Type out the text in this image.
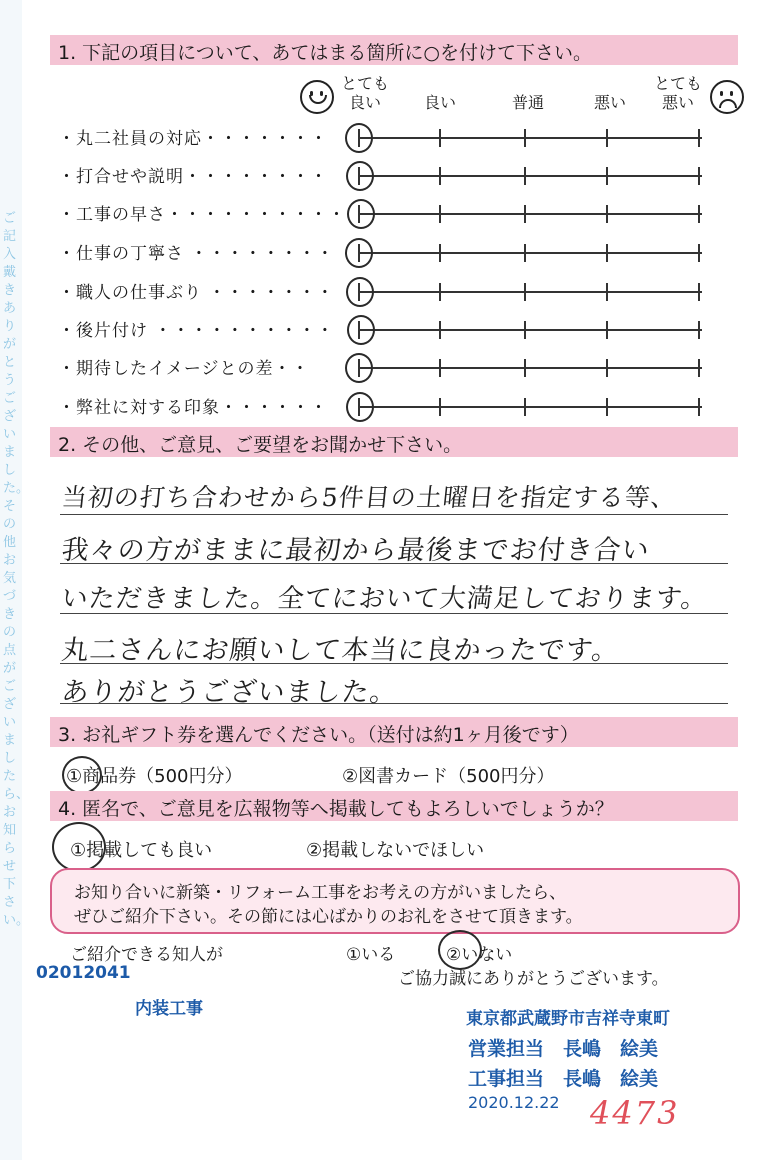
ご記入戴きありがとうございました。その他お気づきの点がございましたら、お知らせ下さい。
1. 下記の項目について、あてはまる箇所に○を付けて下さい。
とても
良い	良い	普通	悪い
とても
悪い
・丸二社員の対応・・・・・・・
・打合せや説明・・・・・・・・
・工事の早さ・・・・・・・・・・
・仕事の丁寧さ ・・・・・・・・
・職人の仕事ぶり ・・・・・・・
・後片付け ・・・・・・・・・・
・期待したイメージとの差・・
・弊社に対する印象・・・・・・
2. その他、ご意見、ご要望をお聞かせ下さい。
当初の打ち合わせから5件目の土曜日を指定する等、
我々の方がままに最初から最後までお付き合い
いただきました。全てにおいて大満足しております。
丸二さんにお願いして本当に良かったです。
ありがとうございました。
3. お礼ギフト券を選んでください。（送付は約1ヶ月後です）
①商品券（500円分）	②図書カード（500円分）
4. 匿名で、ご意見を広報物等へ掲載してもよろしいでしょうか？
①掲載しても良い	②掲載しないでほしい
お知り合いに新築・リフォーム工事をお考えの方がいましたら、
ぜひご紹介下さい。その節には心ばかりのお礼をさせて頂きます。
ご紹介できる知人が	①いる	②いない
ご協力誠にありがとうございます。
02012041
内装工事	東京都武蔵野市吉祥寺東町
営業担当　長嶋　絵美
工事担当　長嶋　絵美
2020.12.22 4473
